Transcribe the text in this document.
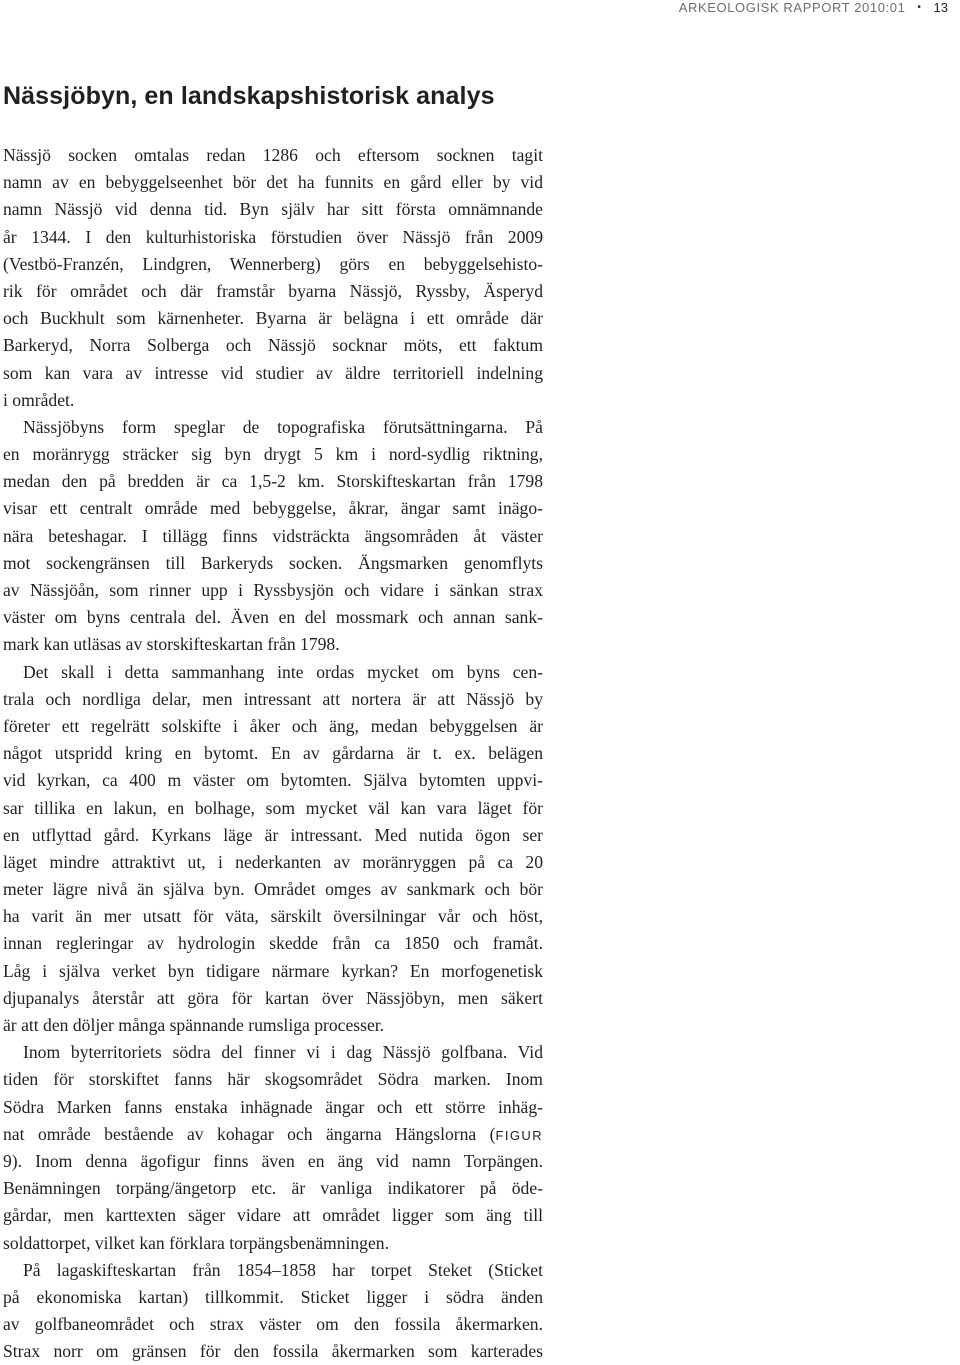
ARKEOLOGISK RAPPORT 2010:01 • 13
Nässjöbyn, en landskapshistorisk analys

Nässjö socken omtalas redan 1286 och eftersom socknen tagit
namn av en bebyggelseenhet bör det ha funnits en gård eller by vid
namn Nässjö vid denna tid. Byn själv har sitt första omnämnande
år 1344. I den kulturhistoriska förstudien över Nässjö från 2009
(Vestbö-Franzén, Lindgren, Wennerberg) görs en bebyggelsehisto-
rik för området och där framstår byarna Nässjö, Ryssby, Äsperyd
och Buckhult som kärnenheter. Byarna är belägna i ett område där
Barkeryd, Norra Solberga och Nässjö socknar möts, ett faktum
som kan vara av intresse vid studier av äldre territoriell indelning
i området.

Nässjöbyns form speglar de topografiska förutsättningarna. På
en moränrygg sträcker sig byn drygt 5 km i nord-sydlig riktning,
medan den på bredden är ca 1,5-2 km. Storskifteskartan från 1798
visar ett centralt område med bebyggelse, åkrar, ängar samt inägo-
nära beteshagar. I tillägg finns vidsträckta ängsområden åt väster
mot sockengränsen till Barkeryds socken. Ängsmarken genomflyts
av Nässjöån, som rinner upp i Ryssbysjön och vidare i sänkan strax
väster om byns centrala del. Även en del mossmark och annan sank-
mark kan utläsas av storskifteskartan från 1798.

Det skall i detta sammanhang inte ordas mycket om byns cen-
trala och nordliga delar, men intressant att nortera är att Nässjö by
företer ett regelrätt solskifte i åker och äng, medan bebyggelsen är
något utspridd kring en bytomt. En av gårdarna är t. ex. belägen
vid kyrkan, ca 400 m väster om bytomten. Själva bytomten uppvi-
sar tillika en lakun, en bolhage, som mycket väl kan vara läget för
en utflyttad gård. Kyrkans läge är intressant. Med nutida ögon ser
läget mindre attraktivt ut, i nederkanten av moränryggen på ca 20
meter lägre nivå än själva byn. Området omges av sankmark och bör
ha varit än mer utsatt för väta, särskilt översilningar vår och höst,
innan regleringar av hydrologin skedde från ca 1850 och framåt.
Låg i själva verket byn tidigare närmare kyrkan? En morfogenetisk
djupanalys återstår att göra för kartan över Nässjöbyn, men säkert
är att den döljer många spännande rumsliga processer.

Inom byterritoriets södra del finner vi i dag Nässjö golfbana. Vid
tiden för storskiftet fanns här skogsområdet Södra marken. Inom
Södra Marken fanns enstaka inhägnade ängar och ett större inhäg-
nat område bestående av kohagar och ängarna Hängslorna (FIGUR
9). Inom denna ägofigur finns även en äng vid namn Torpängen.
Benämningen torpäng/ängetorp etc. är vanliga indikatorer på öde-
gårdar, men karttexten säger vidare att området ligger som äng till
soldattorpet, vilket kan förklara torpängsbenämningen.

På lagaskifteskartan från 1854–1858 har torpet Steket (Sticket
på ekonomiska kartan) tillkommit. Sticket ligger i södra änden
av golfbaneområdet och strax väster om den fossila åkermarken.
Strax norr om gränsen för den fossila åkermarken som karterades
